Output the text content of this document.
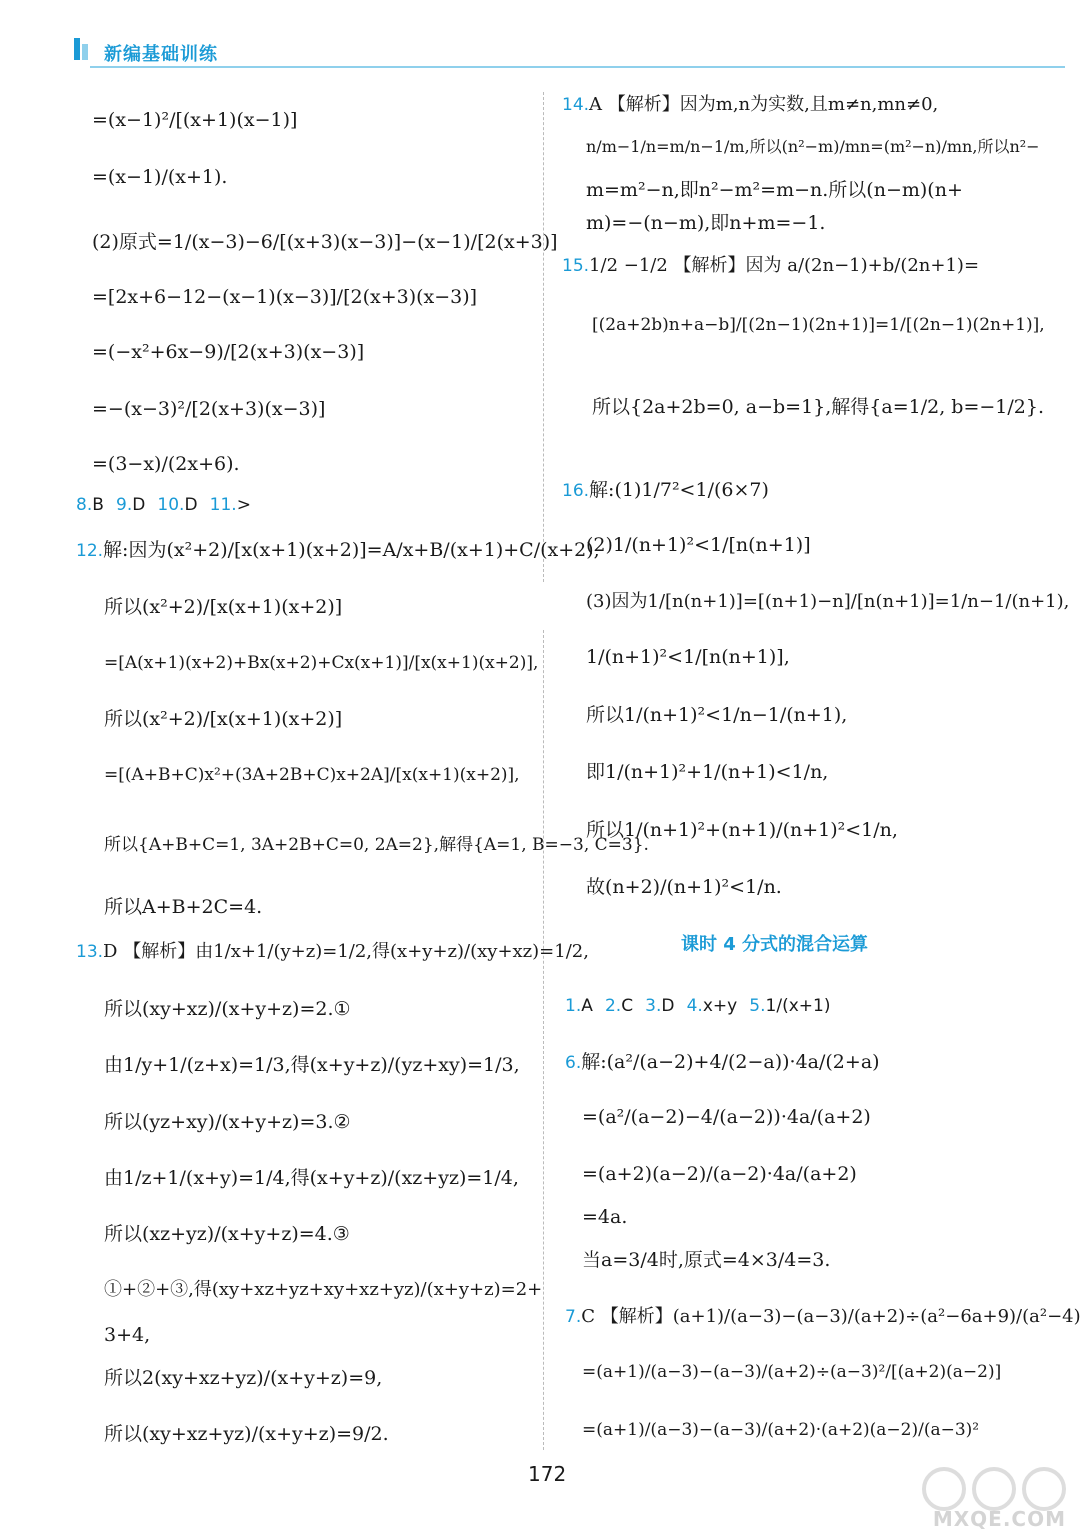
新编基础训练
=(x−1)²/[(x+1)(x−1)]
=(x−1)/(x+1).
(2)原式=1/(x−3)−6/[(x+3)(x−3)]−(x−1)/[2(x+3)]
=[2x+6−12−(x−1)(x−3)]/[2(x+3)(x−3)]
=(−x²+6x−9)/[2(x+3)(x−3)]
=−(x−3)²/[2(x+3)(x−3)]
=(3−x)/(2x+6).
8.B 9.D 10.D 11.>
12.解:因为(x²+2)/[x(x+1)(x+2)]=A/x+B/(x+1)+C/(x+2),
所以(x²+2)/[x(x+1)(x+2)]
=[A(x+1)(x+2)+Bx(x+2)+Cx(x+1)]/[x(x+1)(x+2)],
所以(x²+2)/[x(x+1)(x+2)]
=[(A+B+C)x²+(3A+2B+C)x+2A]/[x(x+1)(x+2)],
所以{A+B+C=1, 3A+2B+C=0, 2A=2},解得{A=1, B=−3, C=3}.
所以A+B+2C=4.
13.D 【解析】由1/x+1/(y+z)=1/2,得(x+y+z)/(xy+xz)=1/2,
所以(xy+xz)/(x+y+z)=2.①
由1/y+1/(z+x)=1/3,得(x+y+z)/(yz+xy)=1/3,
所以(yz+xy)/(x+y+z)=3.②
由1/z+1/(x+y)=1/4,得(x+y+z)/(xz+yz)=1/4,
所以(xz+yz)/(x+y+z)=4.③
①+②+③,得(xy+xz+yz+xy+xz+yz)/(x+y+z)=2+
3+4,
所以2(xy+xz+yz)/(x+y+z)=9,
所以(xy+xz+yz)/(x+y+z)=9/2.
14.A 【解析】因为m,n为实数,且m≠n,mn≠0,
n/m−1/n=m/n−1/m,所以(n²−m)/mn=(m²−n)/mn,所以n²−
m=m²−n,即n²−m²=m−n.所以(n−m)(n+
m)=−(n−m),即n+m=−1.
15.1/2 −1/2 【解析】因为 a/(2n−1)+b/(2n+1)=
[(2a+2b)n+a−b]/[(2n−1)(2n+1)]=1/[(2n−1)(2n+1)],
所以{2a+2b=0, a−b=1},解得{a=1/2, b=−1/2}.
16.解:(1)1/7²<1/(6×7)
(2)1/(n+1)²<1/[n(n+1)]
(3)因为1/[n(n+1)]=[(n+1)−n]/[n(n+1)]=1/n−1/(n+1),
1/(n+1)²<1/[n(n+1)],
所以1/(n+1)²<1/n−1/(n+1),
即1/(n+1)²+1/(n+1)<1/n,
所以1/(n+1)²+(n+1)/(n+1)²<1/n,
故(n+2)/(n+1)²<1/n.
课时 4 分式的混合运算
1.A 2.C 3.D 4.x+y 5.1/(x+1)
6.解:(a²/(a−2)+4/(2−a))·4a/(2+a)
=(a²/(a−2)−4/(a−2))·4a/(a+2)
=(a+2)(a−2)/(a−2)·4a/(a+2)
=4a.
当a=3/4时,原式=4×3/4=3.
7.C 【解析】(a+1)/(a−3)−(a−3)/(a+2)÷(a²−6a+9)/(a²−4)
=(a+1)/(a−3)−(a−3)/(a+2)÷(a−3)²/[(a+2)(a−2)]
=(a+1)/(a−3)−(a−3)/(a+2)·(a+2)(a−2)/(a−3)²
172
MXQE.COM
